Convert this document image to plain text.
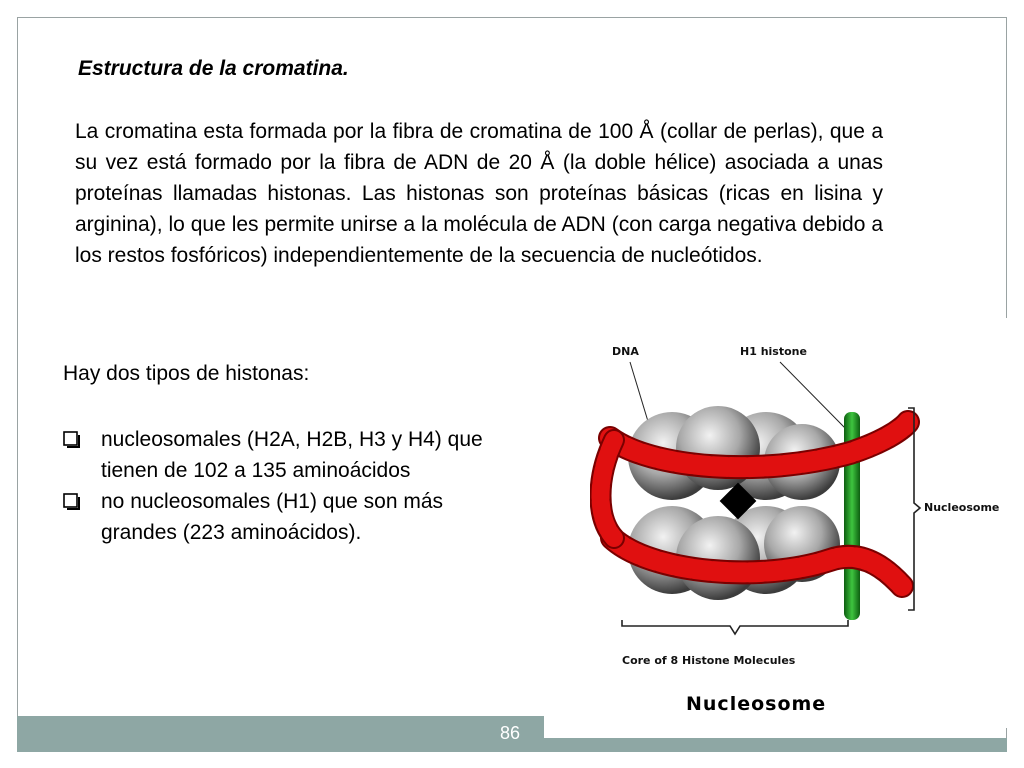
Estructura de la cromatina.

La cromatina esta formada por la fibra de cromatina de 100 Å (collar de perlas), que a su vez está formado por la fibra de ADN de 20 Å (la doble hélice) asociada a unas proteínas llamadas histonas. Las histonas son proteínas básicas (ricas en lisina y arginina), lo que les permite unirse a la molécula de ADN (con carga negativa debido a los restos fosfóricos) independientemente de la secuencia de nucleótidos.

Hay dos tipos de histonas:

nucleosomales (H2A, H2B, H3 y H4) que tienen de 102 a 135 aminoácidos
no nucleosomales (H1) que son más grandes (223 aminoácidos).
DNA	H1 histone
Nucleosome
Core of 8 Histone Molecules
Nucleosome
86
